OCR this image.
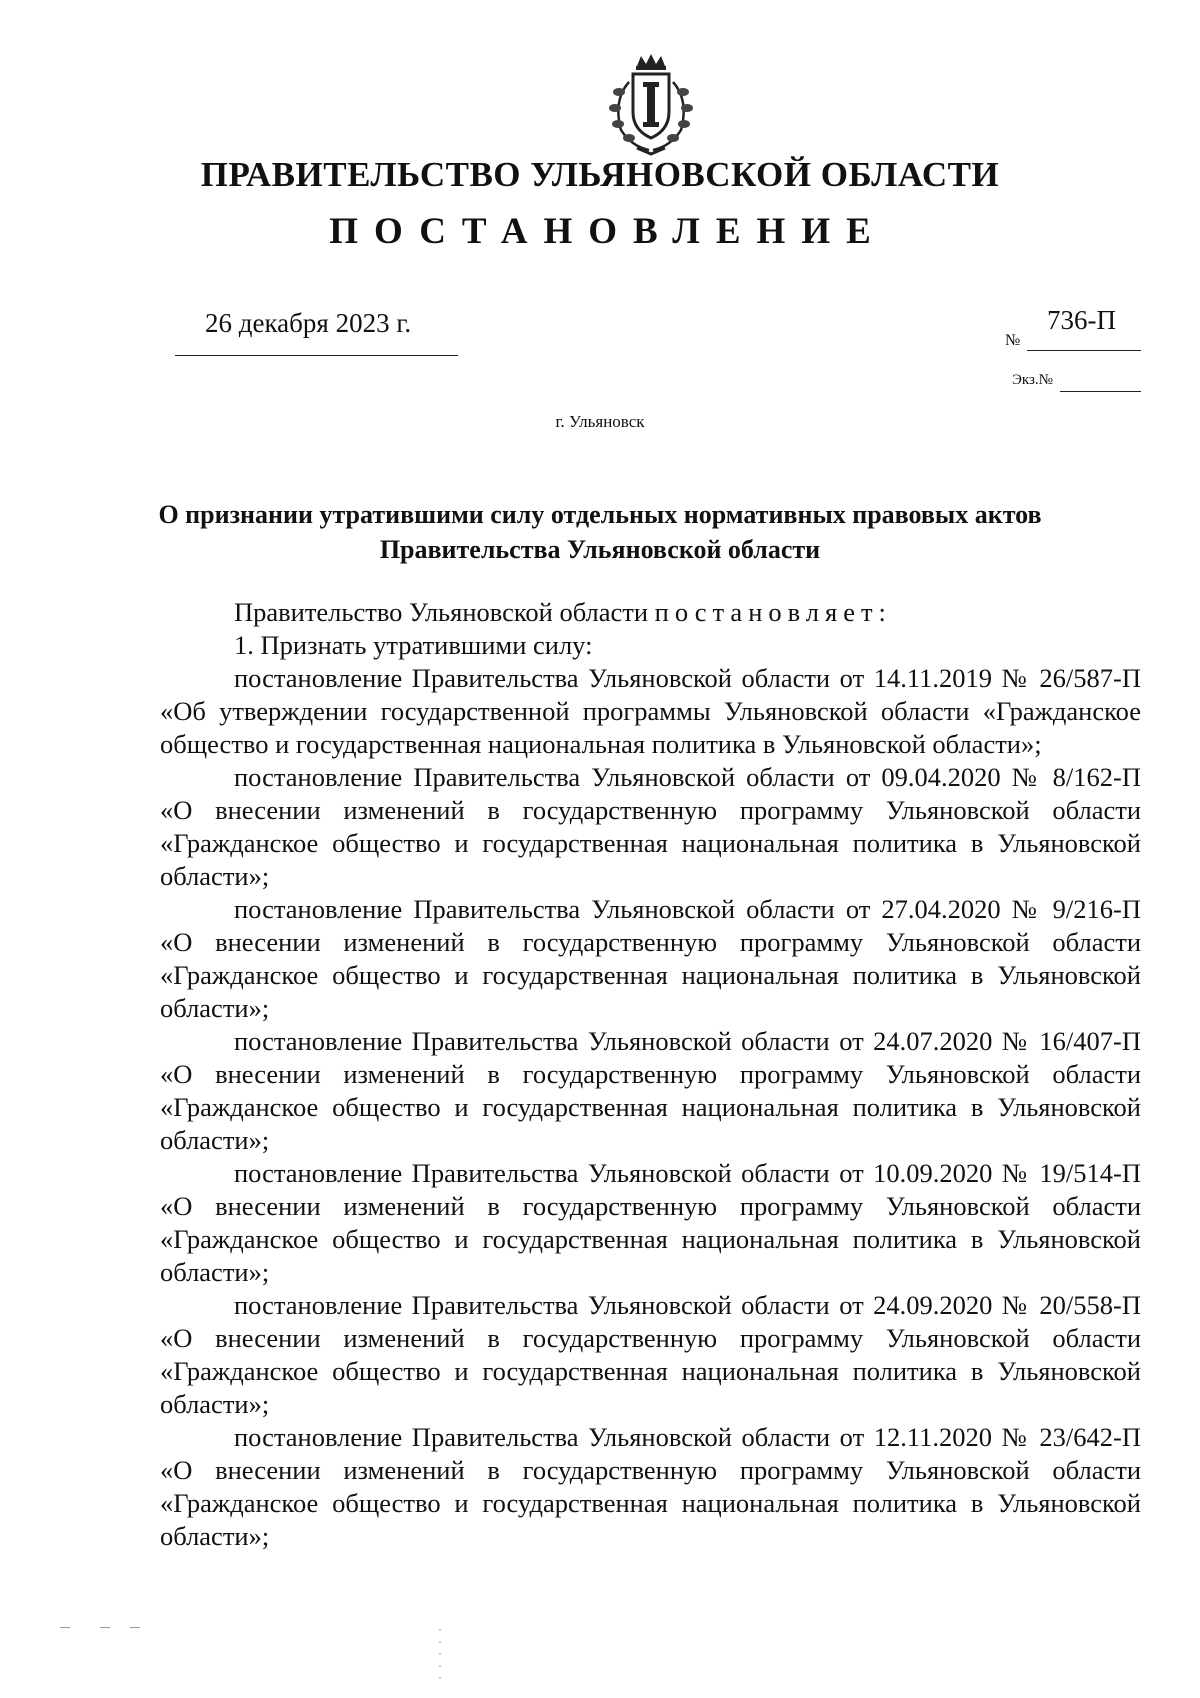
ПРАВИТЕЛЬСТВО УЛЬЯНОВСКОЙ ОБЛАСТИ
ПОСТАНОВЛЕНИЕ
26 декабря 2023 г.
№
736-П
Экз.№
г. Ульяновск
О признании утратившими силу отдельных нормативных правовых актов
Правительства Ульяновской области
Правительство Ульяновской области постановляет:
1. Признать утратившими силу:
постановление Правительства Ульяновской области от 14.11.2019 № 26/587-П «Об утверждении государственной программы Ульяновской области «Гражданское общество и государственная национальная политика в Ульяновской области»;
постановление Правительства Ульяновской области от 09.04.2020 № 8/162-П «О внесении изменений в государственную программу Ульяновской области «Гражданское общество и государственная национальная политика в Ульяновской области»;
постановление Правительства Ульяновской области от 27.04.2020 № 9/216-П «О внесении изменений в государственную программу Ульяновской области «Гражданское общество и государственная национальная политика в Ульяновской области»;
постановление Правительства Ульяновской области от 24.07.2020 № 16/407-П «О внесении изменений в государственную программу Ульяновской области «Гражданское общество и государственная национальная политика в Ульяновской области»;
постановление Правительства Ульяновской области от 10.09.2020 № 19/514-П «О внесении изменений в государственную программу Ульяновской области «Гражданское общество и государственная национальная политика в Ульяновской области»;
постановление Правительства Ульяновской области от 24.09.2020 № 20/558-П «О внесении изменений в государственную программу Ульяновской области «Гражданское общество и государственная национальная политика в Ульяновской области»;
постановление Правительства Ульяновской области от 12.11.2020 № 23/642-П «О внесении изменений в государственную программу Ульяновской области «Гражданское общество и государственная национальная политика в Ульяновской области»;
